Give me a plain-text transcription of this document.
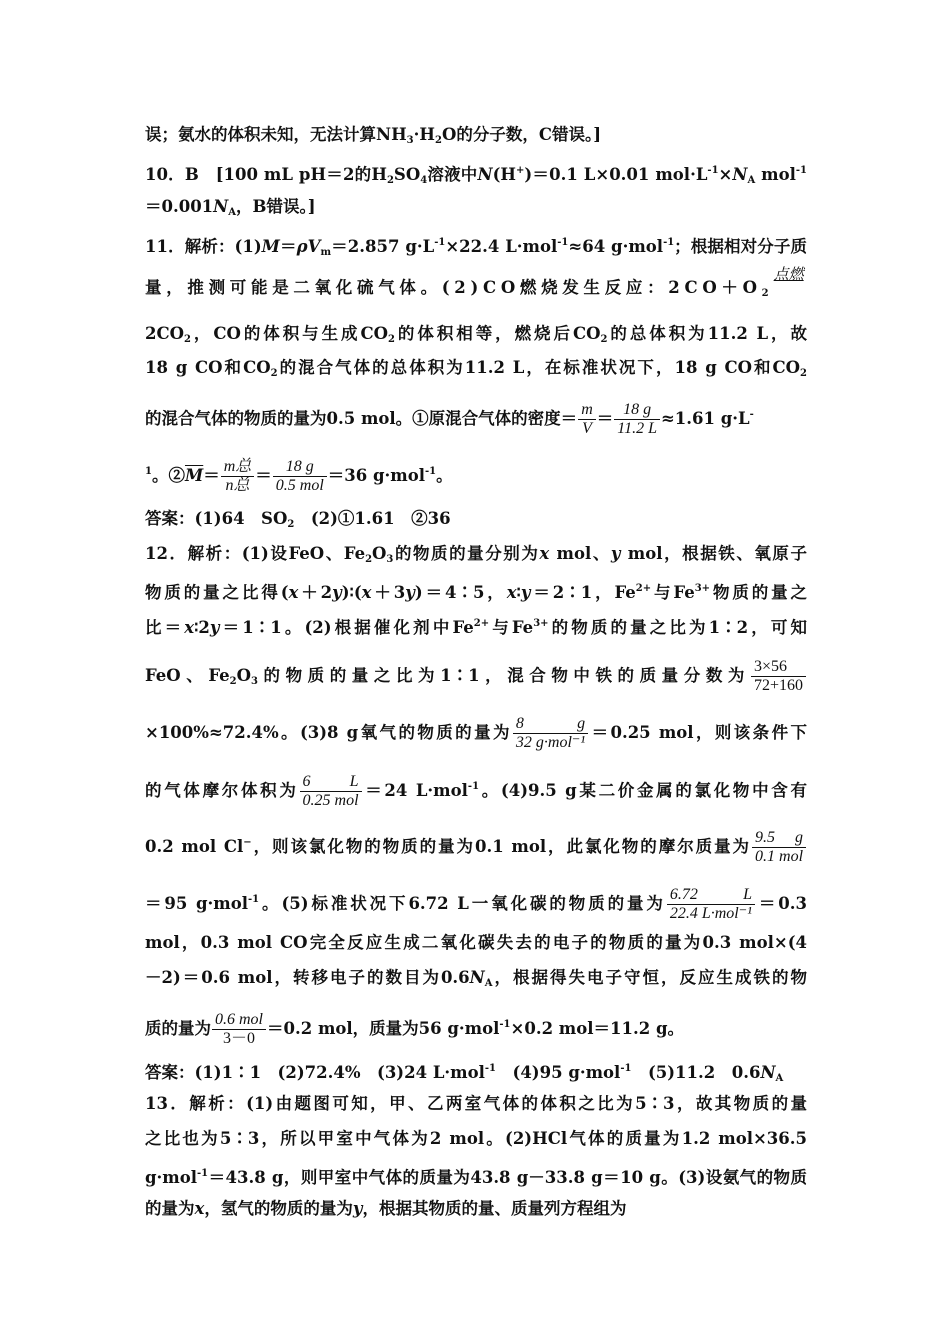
误；氨水的体积未知，无法计算$NH_3\cdot H_2O$的分子数，C错误。]
10．B　[100 mL pH＝2的$H_2SO_4$溶液中N(H+)＝0.1 L×0.01 $mol\cdot L^{-1}\times N_A$ mol$^{-1}$
$=0.001N_A$，B错误。]
11．解析：$(1)M=\rho V_m=2.857$ $g\cdot L^{-1}\times 22.4$ L·mol$^{-1}$≈64 g·mol$^{-1}$；根据相对分子质
量，推测可能是二氧化硫气体。(2)CO燃烧发生反应：$2CO+O_2$
点燃
$2CO_2$，CO的体积与生成$CO_2$的体积相等，燃烧后$CO_2$的总体积为11.2 L，故
18 g CO和$CO_2$的混合气体的总体积为11.2 L，在标准状况下，18 g CO和$CO_2$
的混合气体的物质的量为0.5 mol。①原混合气体的密度＝ $\frac{m}{V} = \frac{18 g}{11.2 L} \approx 1.61$ g·L-
$^1$。$②\overline{M}= m$总
n总
＝ 18 g
0.5 mol
＝36 g·mol$^{-1}$。
答案：(1)64　$SO_2$　(2)①1.61　②36
12．解析：(1)设FeO、$Fe_2O_3$的物质的量分别为x mol、y mol，根据铁、氧原子
物质的量之比得(x＋2y)∶(x＋3y)＝4∶5，x∶y＝2∶1，$Fe^{2+}$与$Fe^{3+}$物质的量之
比＝x∶2y＝1∶1。(2)根据催化剂中$Fe^{2+}$与$Fe^{3+}$的物质的量之比为1∶2，可知
FeO、$Fe_2O_3$的物质的量之比为1∶1，混合物中铁的质量分数为 $\frac{3\times 56}{72+160}$
×100%≈72.4%。(3)8 g氧气的物质的量为 8 g
32 g·mol⁻¹
＝0.25 mol，则该条件下
的气体摩尔体积为 6 L
0.25 mol
＝24 L·mol$^{-1}$。(4)9.5 g某二价金属的氯化物中含有
0.2 mol Cl−，则该氯化物的物质的量为0.1 mol，此氯化物的摩尔质量为 9.5 g
0.1 mol
＝95 g·mol$^{-1}$。(5)标准状况下6.72 L一氧化碳的物质的量为 6.72 L
22.4 L·mol⁻¹
＝0.3
mol，0.3 mol CO完全反应生成二氧化碳失去的电子的物质的量为0.3 mol×(4
－2)＝0.6 mol，转移电子的数目为$0.6N_A$，根据得失电子守恒，反应生成铁的物
质的量为 0.6 mol
3－0
＝0.2 mol，质量为56 g·mol$^{-1}$×0.2 mol＝11.2 g。
答案：(1)1∶1　(2)72.4%　(3)24 L·mol$^{-1}$　(4)95 g·mol$^{-1}$　(5)11.2　$0.6N_A$
13．解析：(1)由题图可知，甲、乙两室气体的体积之比为5∶3，故其物质的量
之比也为5∶3，所以甲室中气体为2 mol。(2)HCl气体的质量为1.2 mol×36.5
g·mol$^{-1}$＝43.8 g，则甲室中气体的质量为43.8 g－33.8 g＝10 g。(3)设氨气的物质
的量为x，氢气的物质的量为y，根据其物质的量、质量列方程组为
